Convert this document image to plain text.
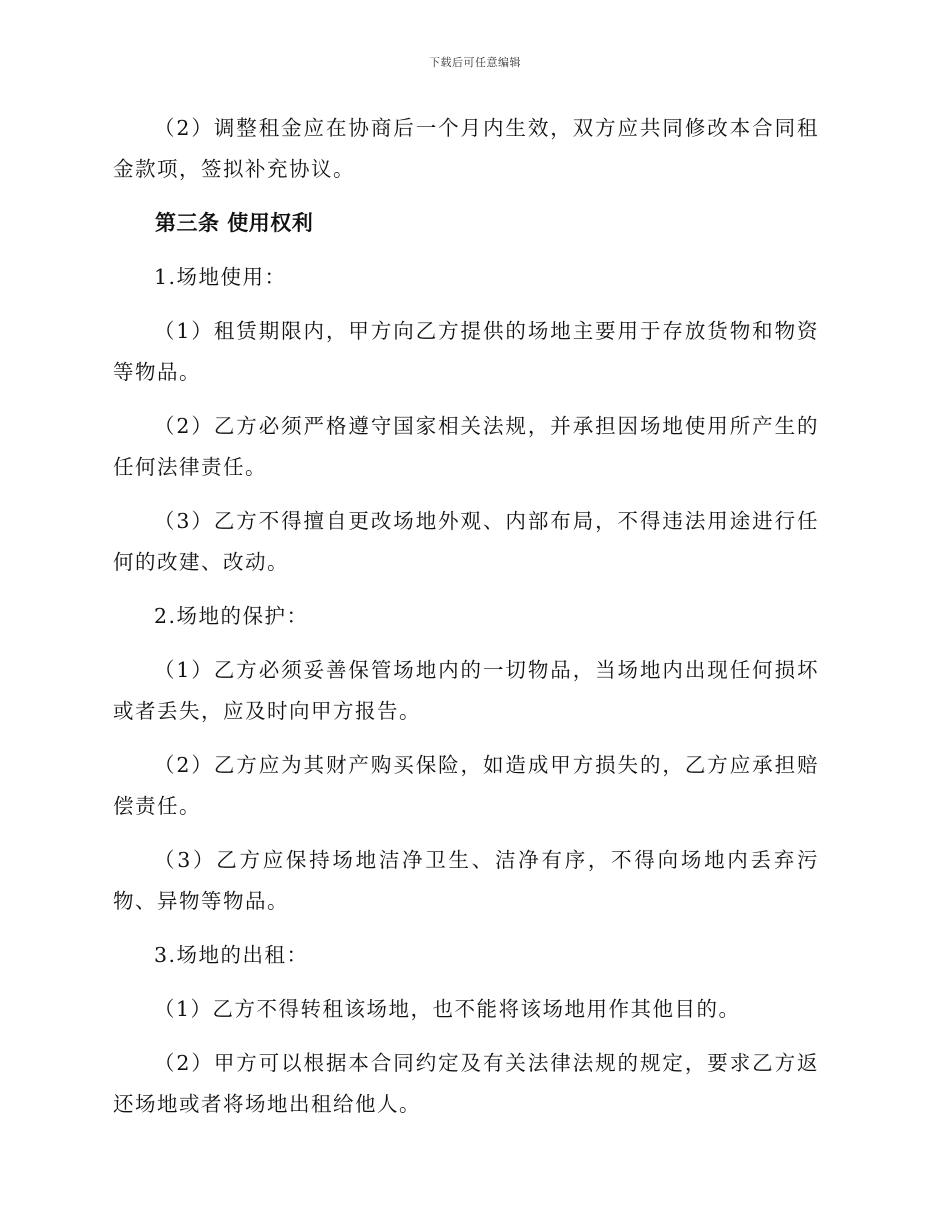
下载后可任意编辑

（2）调整租金应在协商后一个月内生效，双方应共同修改本合同租金款项，签拟补充协议。

第三条 使用权利

1.场地使用：

（1）租赁期限内，甲方向乙方提供的场地主要用于存放货物和物资等物品。

（2）乙方必须严格遵守国家相关法规，并承担因场地使用所产生的任何法律责任。

（3）乙方不得擅自更改场地外观、内部布局，不得违法用途进行任何的改建、改动。

2.场地的保护：

（1）乙方必须妥善保管场地内的一切物品，当场地内出现任何损坏或者丢失，应及时向甲方报告。

（2）乙方应为其财产购买保险，如造成甲方损失的，乙方应承担赔偿责任。

（3）乙方应保持场地洁净卫生、洁净有序，不得向场地内丢弃污物、异物等物品。

3.场地的出租：

（1）乙方不得转租该场地，也不能将该场地用作其他目的。

（2）甲方可以根据本合同约定及有关法律法规的规定，要求乙方返还场地或者将场地出租给他人。
